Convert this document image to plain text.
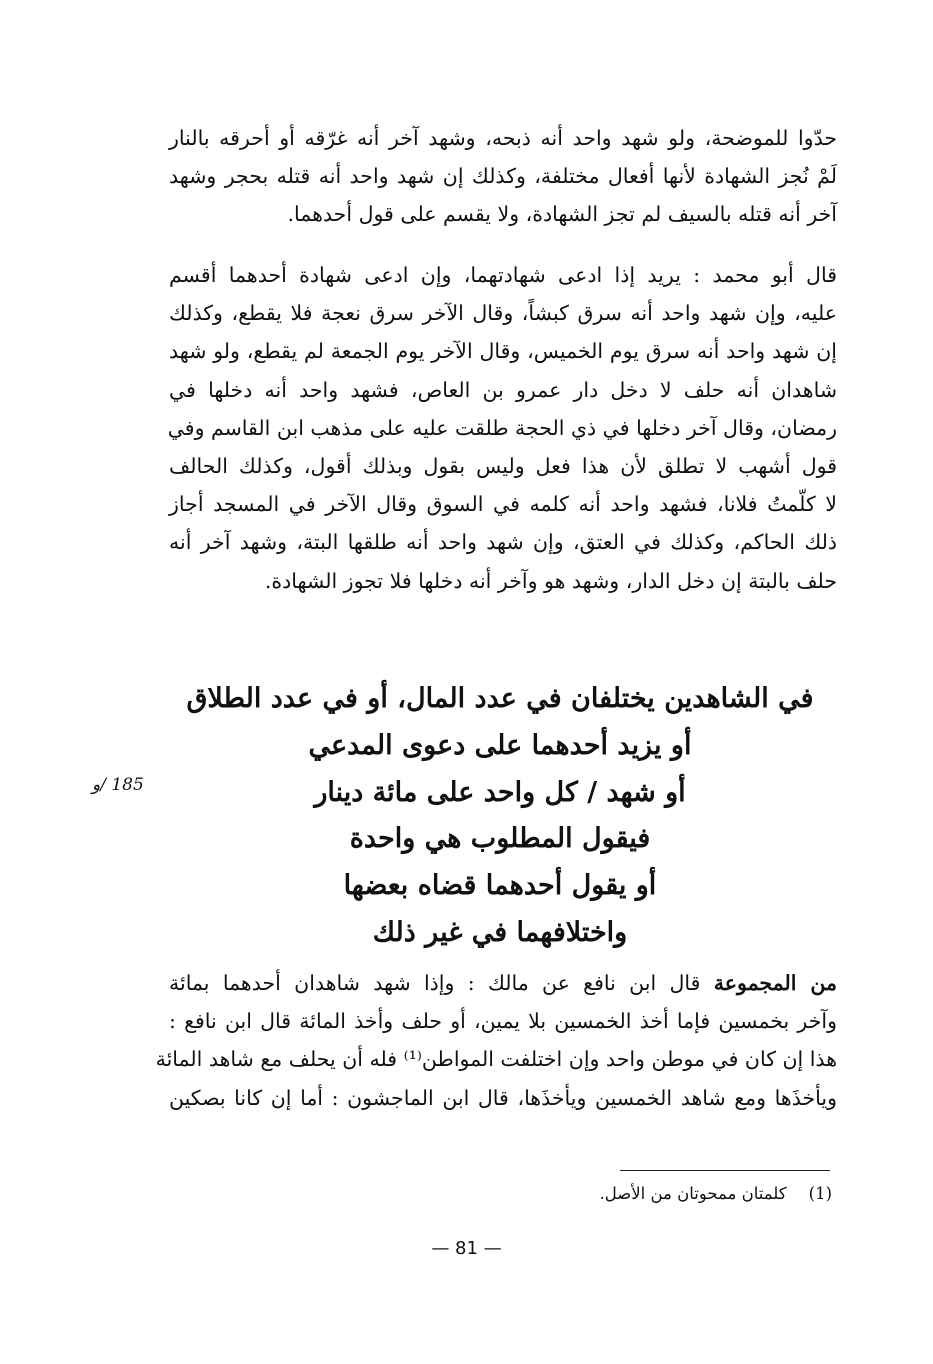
حدّوا للموضحة، ولو شهد واحد أنه ذبحه، وشهد آخر أنه غرّقه أو أحرقه بالنار
لَمْ نُجز الشهادة لأنها أفعال مختلفة، وكذلك إن شهد واحد أنه قتله بحجر وشهد
آخر أنه قتله بالسيف لم تجز الشهادة، ولا يقسم على قول أحدهما.

قال أبو محمد : يريد إذا ادعى شهادتهما، وإن ادعى شهادة أحدهما أقسم
عليه، وإن شهد واحد أنه سرق كبشاً، وقال الآخر سرق نعجة فلا يقطع، وكذلك
إن شهد واحد أنه سرق يوم الخميس، وقال الآخر يوم الجمعة لم يقطع، ولو شهد
شاهدان أنه حلف لا دخل دار عمرو بن العاص، فشهد واحد أنه دخلها في
رمضان، وقال آخر دخلها في ذي الحجة طلقت عليه على مذهب ابن القاسم وفي
قول أشهب لا تطلق لأن هذا فعل وليس بقول وبذلك أقول، وكذلك الحالف
لا كلّمتُ فلانا، فشهد واحد أنه كلمه في السوق وقال الآخر في المسجد أجاز
ذلك الحاكم، وكذلك في العتق، وإن شهد واحد أنه طلقها البتة، وشهد آخر أنه
حلف بالبتة إن دخل الدار، وشهد هو وآخر أنه دخلها فلا تجوز الشهادة.

في الشاهدين يختلفان في عدد المال، أو في عدد الطلاق
أو يزيد أحدهما على دعوى المدعي
أو شهد / كل واحد على مائة دينار
فيقول المطلوب هي واحدة
أو يقول أحدهما قضاه بعضها
واختلافهما في غير ذلك
185 /و

من المجموعة قال ابن نافع عن مالك : وإذا شهد شاهدان أحدهما بمائة
وآخر بخمسين فإما أخذ الخمسين بلا يمين، أو حلف وأخذ المائة قال ابن نافع :
هذا إن كان في موطن واحد وإن اختلفت المواطن⁽¹⁾ فله أن يحلف مع شاهد المائة
ويأخذَها ومع شاهد الخمسين ويأخذَها، قال ابن الماجشون : أما إن كانا بصكين

(1)كلمتان ممحوتان من الأصل.
— 81 —
